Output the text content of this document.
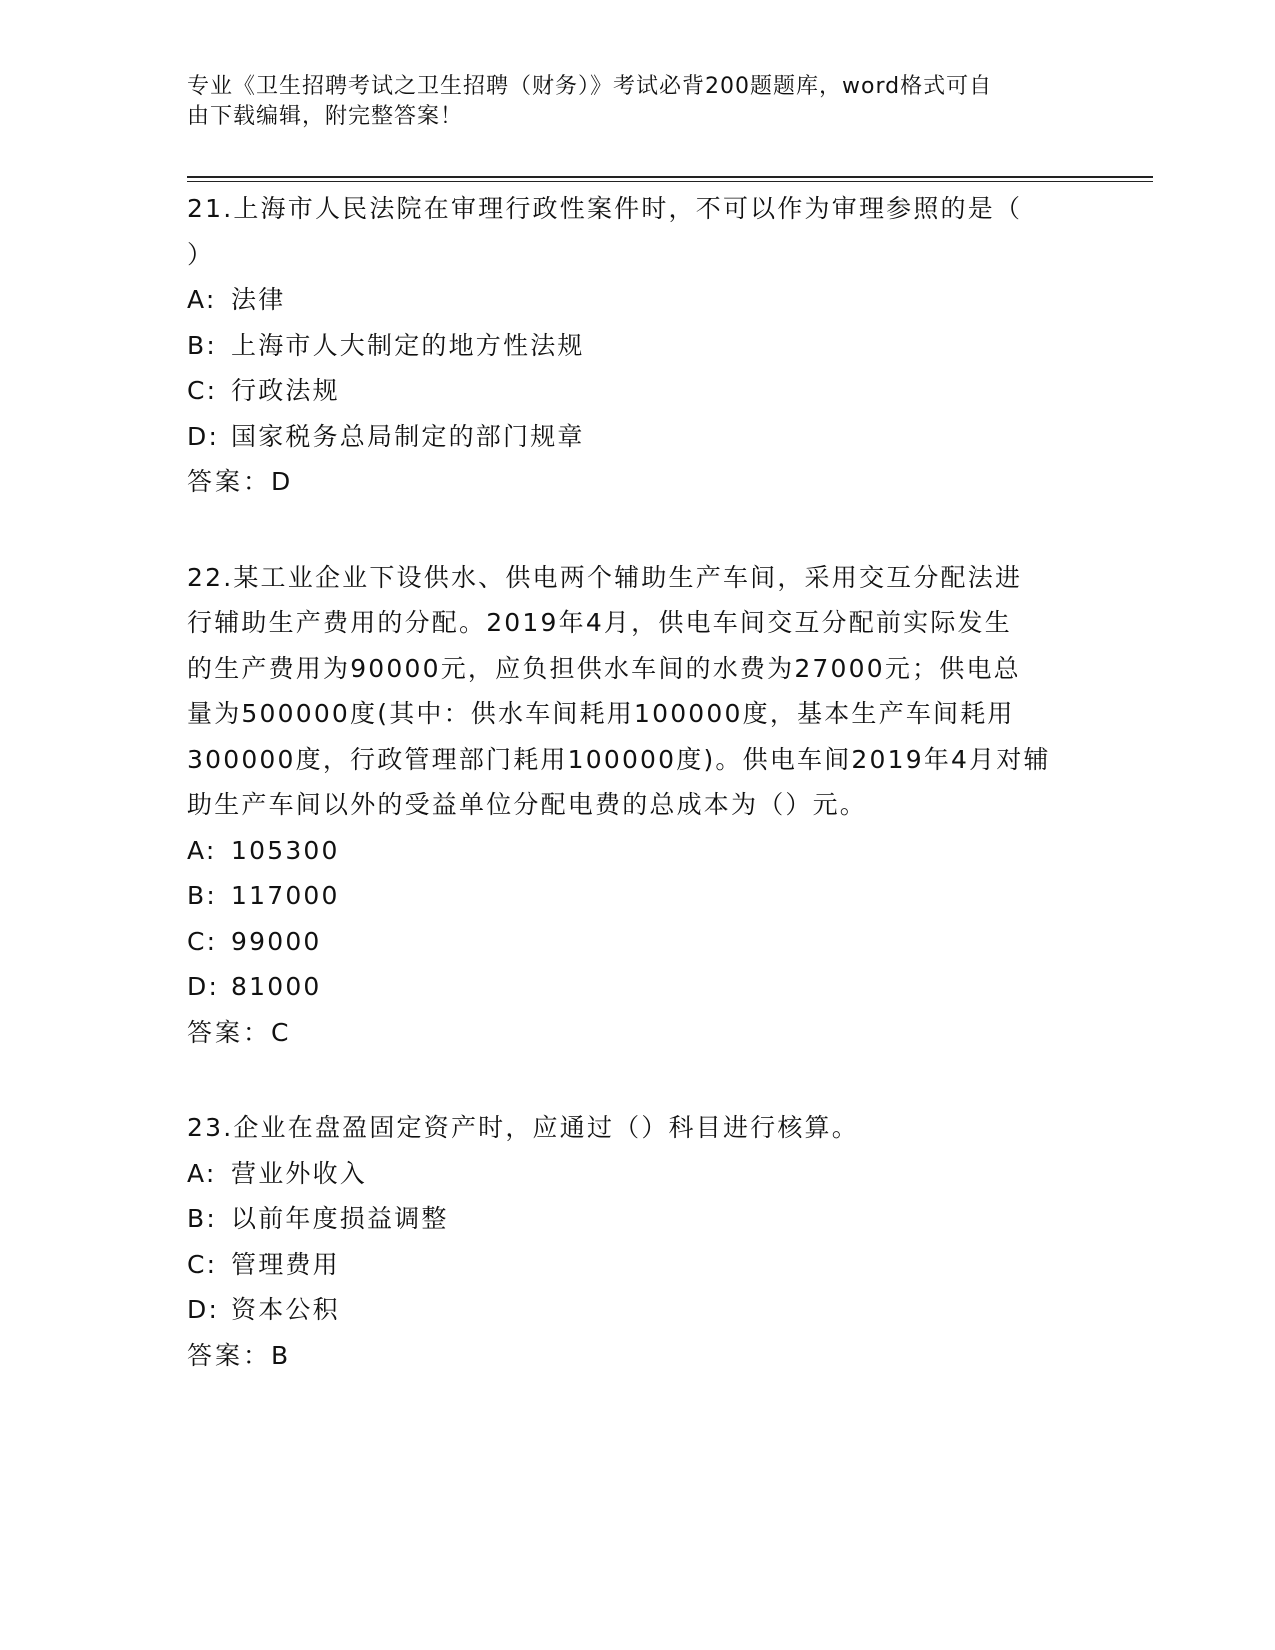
专业《卫生招聘考试之卫生招聘（财务）》考试必背200题题库，word格式可自
由下载编辑，附完整答案！
21.上海市人民法院在审理行政性案件时，不可以作为审理参照的是（
）
A: 法律
B: 上海市人大制定的地方性法规
C: 行政法规
D: 国家税务总局制定的部门规章
答案：D
22.某工业企业下设供水、供电两个辅助生产车间，采用交互分配法进
行辅助生产费用的分配。2019年4月，供电车间交互分配前实际发生
的生产费用为90000元，应负担供水车间的水费为27000元；供电总
量为500000度(其中：供水车间耗用100000度，基本生产车间耗用
300000度，行政管理部门耗用100000度)。供电车间2019年4月对辅
助生产车间以外的受益单位分配电费的总成本为（）元。
A: 105300
B: 117000
C: 99000
D: 81000
答案：C
23.企业在盘盈固定资产时，应通过（）科目进行核算。
A: 营业外收入
B: 以前年度损益调整
C: 管理费用
D: 资本公积
答案：B
